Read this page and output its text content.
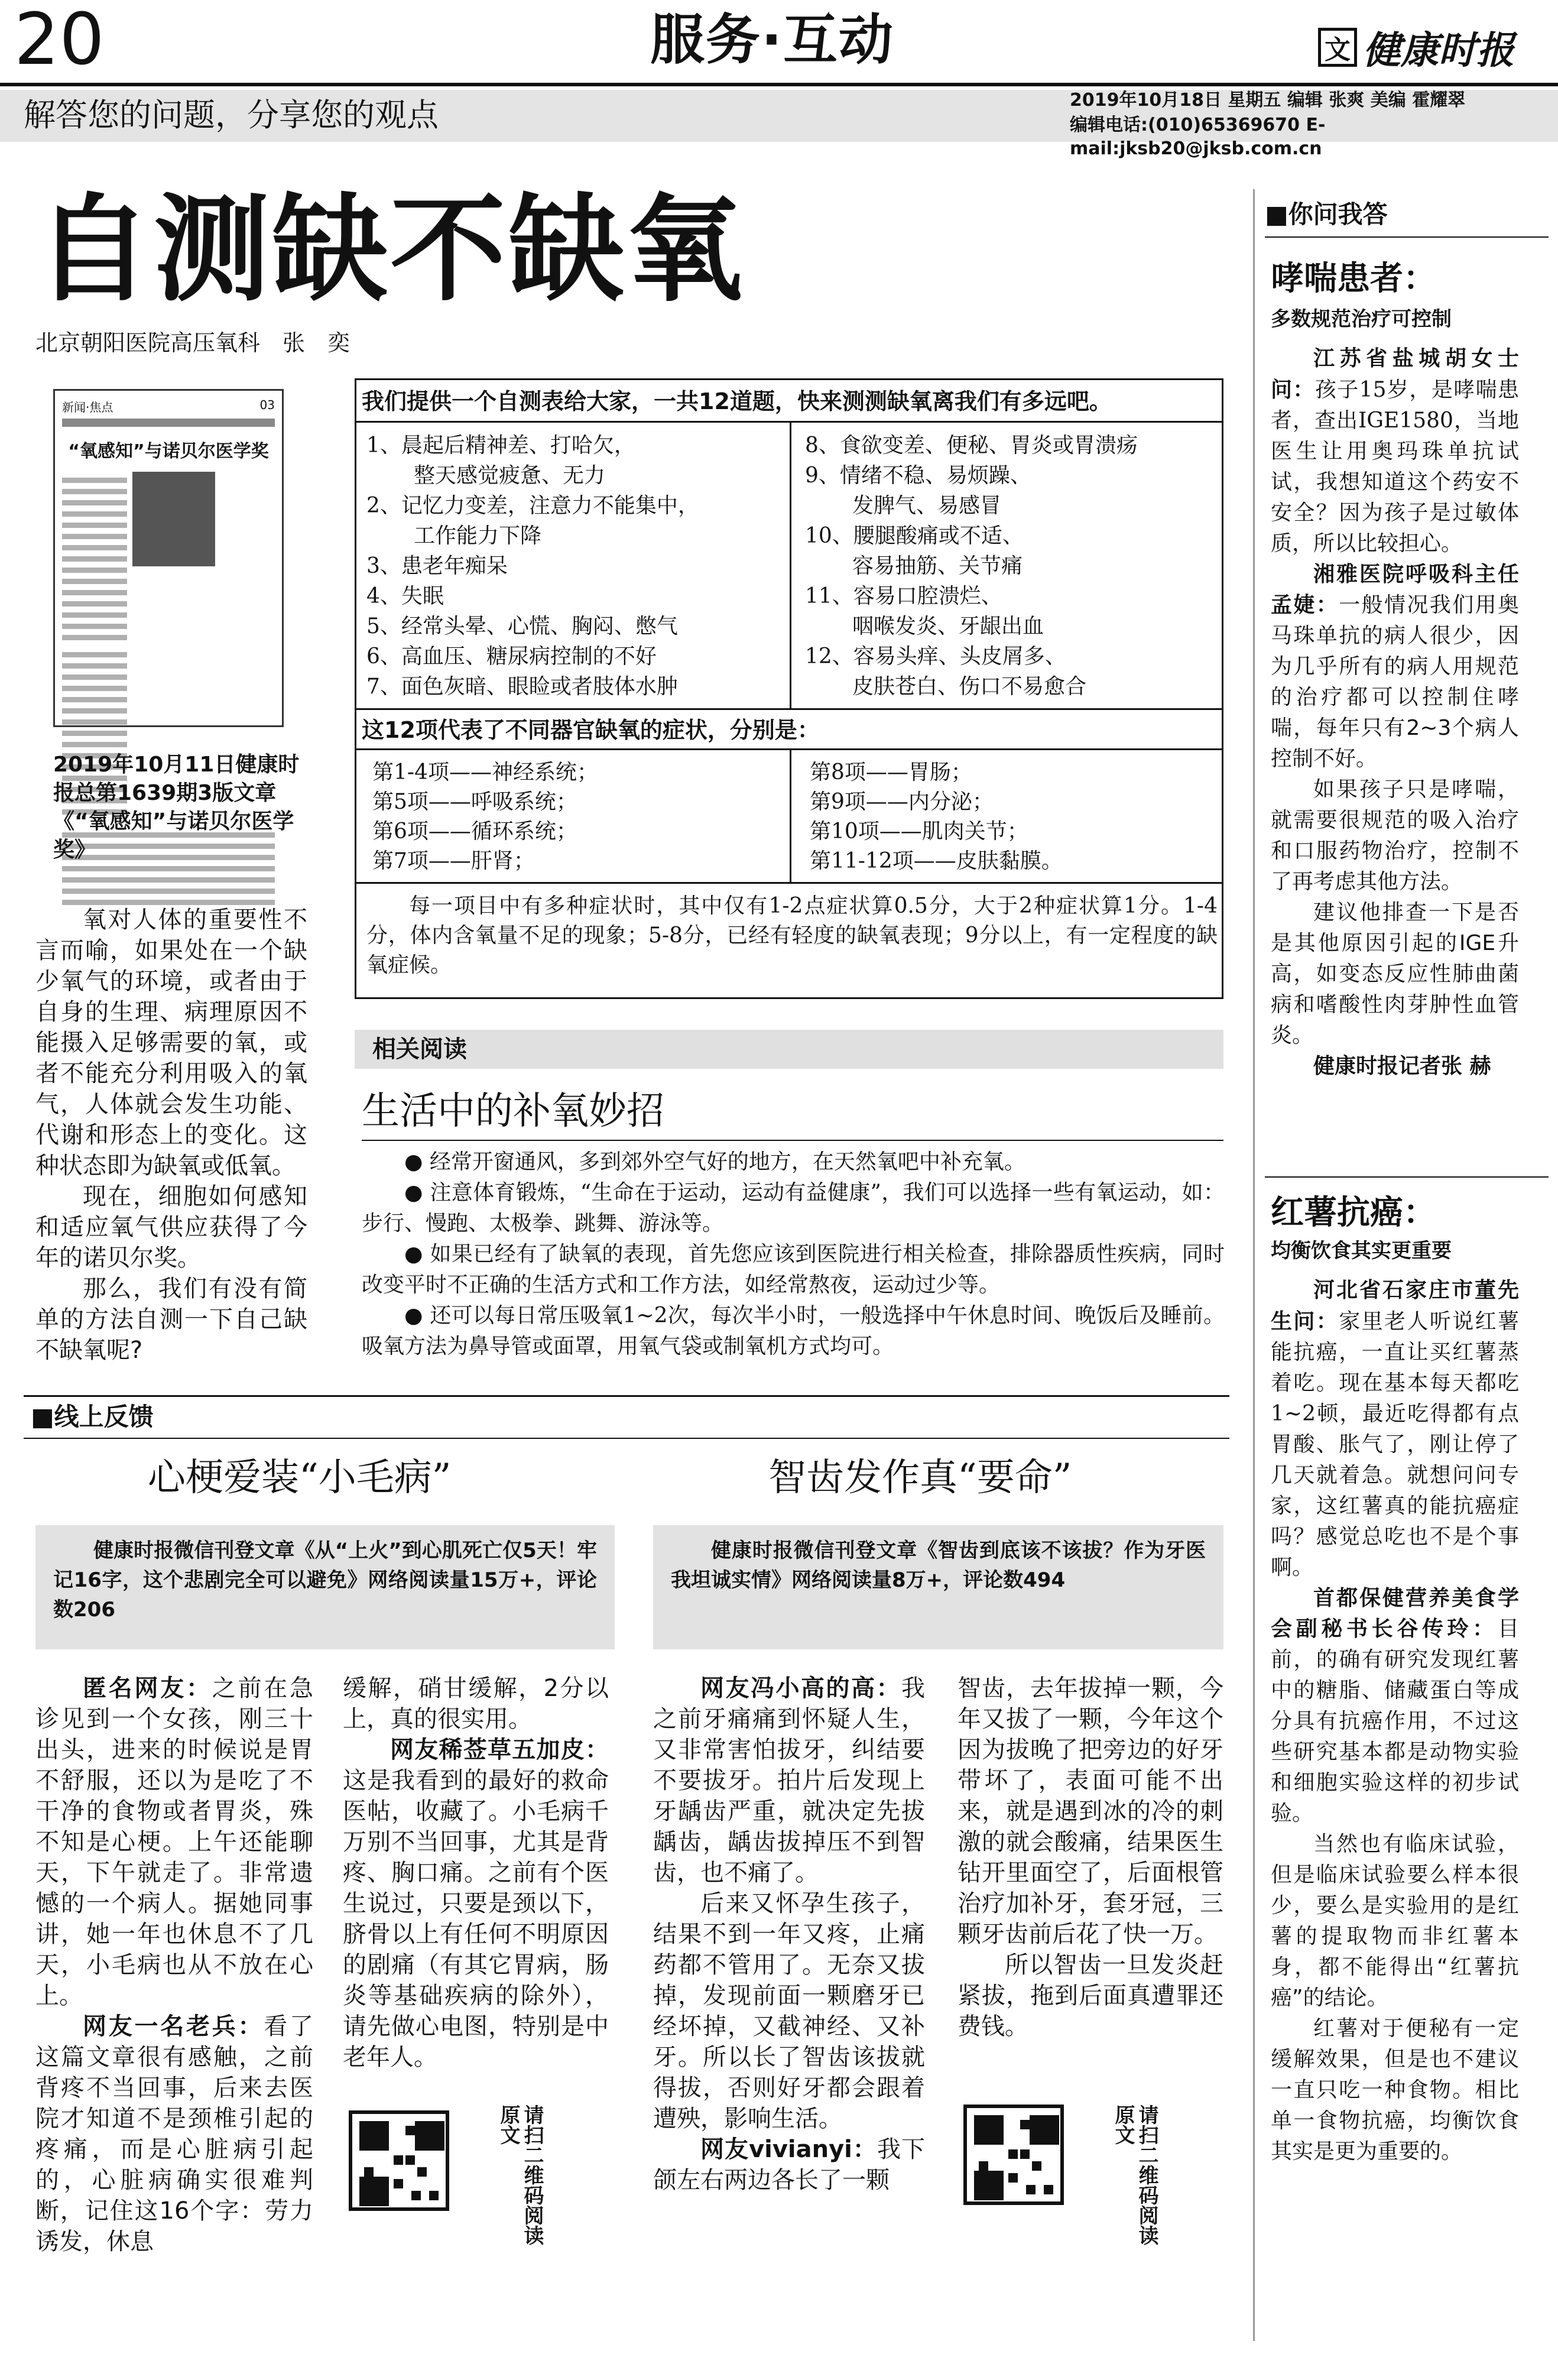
20	服务·互动	文 健康时报
解答您的问题，分享您的观点	2019年10月18日 星期五 编辑 张爽 美编 霍耀翠
编辑电话:(010)65369670 E-mail:jksb20@jksb.com.cn
自测缺不缺氧
北京朝阳医院高压氧科　张　奕
新闻·焦点	03
“氧感知”与诺贝尔医学奖

2019年10月11日健康时报总第1639期3版文章《“氧感知”与诺贝尔医学奖》

氧对人体的重要性不言而喻，如果处在一个缺少氧气的环境，或者由于自身的生理、病理原因不能摄入足够需要的氧，或者不能充分利用吸入的氧气，人体就会发生功能、代谢和形态上的变化。这种状态即为缺氧或低氧。

现在，细胞如何感知和适应氧气供应获得了今年的诺贝尔奖。

那么，我们有没有简单的方法自测一下自己缺不缺氧呢?

我们提供一个自测表给大家，一共12道题，快来测测缺氧离我们有多远吧。
1、晨起后精神差、打哈欠，
整天感觉疲惫、无力
2、记忆力变差，注意力不能集中，
工作能力下降
3、患老年痴呆
4、失眠
5、经常头晕、心慌、胸闷、憋气
6、高血压、糖尿病控制的不好
7、面色灰暗、眼睑或者肢体水肿
8、食欲变差、便秘、胃炎或胃溃疡
9、情绪不稳、易烦躁、
发脾气、易感冒
10、腰腿酸痛或不适、
容易抽筋、关节痛
11、容易口腔溃烂、
咽喉发炎、牙龈出血
12、容易头痒、头皮屑多、
皮肤苍白、伤口不易愈合
这12项代表了不同器官缺氧的症状，分别是：
第1-4项——神经系统；
第5项——呼吸系统；
第6项——循环系统；
第7项——肝肾；
第8项——胃肠；
第9项——内分泌；
第10项——肌肉关节；
第11-12项——皮肤黏膜。

每一项目中有多种症状时，其中仅有1-2点症状算0.5分，大于2种症状算1分。1-4分，体内含氧量不足的现象；5-8分，已经有轻度的缺氧表现；9分以上，有一定程度的缺氧症候。

相关阅读
生活中的补氧妙招

● 经常开窗通风，多到郊外空气好的地方，在天然氧吧中补充氧。

● 注意体育锻炼，“生命在于运动，运动有益健康”，我们可以选择一些有氧运动，如：步行、慢跑、太极拳、跳舞、游泳等。

● 如果已经有了缺氧的表现，首先您应该到医院进行相关检查，排除器质性疾病，同时改变平时不正确的生活方式和工作方法，如经常熬夜，运动过少等。

● 还可以每日常压吸氧1~2次，每次半小时，一般选择中午休息时间、晚饭后及睡前。吸氧方法为鼻导管或面罩，用氧气袋或制氧机方式均可。

■线上反馈
心梗爱装“小毛病”	智齿发作真“要命”

健康时报微信刊登文章《从“上火”到心肌死亡仅5天！牢记16字，这个悲剧完全可以避免》网络阅读量15万+，评论数206

健康时报微信刊登文章《智齿到底该不该拔？作为牙医我坦诚实情》网络阅读量8万+，评论数494

匿名网友：之前在急诊见到一个女孩，刚三十出头，进来的时候说是胃不舒服，还以为是吃了不干净的食物或者胃炎，殊不知是心梗。上午还能聊天，下午就走了。非常遗憾的一个病人。据她同事讲，她一年也休息不了几天，小毛病也从不放在心上。

网友一名老兵：看了这篇文章很有感触，之前背疼不当回事，后来去医院才知道不是颈椎引起的疼痛，而是心脏病引起的，心脏病确实很难判断，记住这16个字：劳力诱发，休息

缓解，硝甘缓解，2分以上，真的很实用。

网友稀莶草五加皮：这是我看到的最好的救命医帖，收藏了。小毛病千万别不当回事，尤其是背疼、胸口痛。之前有个医生说过，只要是颈以下，脐骨以上有任何不明原因的剧痛（有其它胃病，肠炎等基础疾病的除外），请先做心电图，特别是中老年人。

请扫二维码阅读原文

网友冯小高的高：我之前牙痛痛到怀疑人生，又非常害怕拔牙，纠结要不要拔牙。拍片后发现上牙龋齿严重，就决定先拔龋齿，龋齿拔掉压不到智齿，也不痛了。

后来又怀孕生孩子，结果不到一年又疼，止痛药都不管用了。无奈又拔掉，发现前面一颗磨牙已经坏掉，又截神经、又补牙。所以长了智齿该拔就得拔，否则好牙都会跟着遭殃，影响生活。

网友vivianyi：我下颌左右两边各长了一颗

智齿，去年拔掉一颗，今年又拔了一颗，今年这个因为拔晚了把旁边的好牙带坏了，表面可能不出来，就是遇到冰的冷的刺激的就会酸痛，结果医生钻开里面空了，后面根管治疗加补牙，套牙冠，三颗牙齿前后花了快一万。

所以智齿一旦发炎赶紧拔，拖到后面真遭罪还费钱。

请扫二维码阅读原文
■你问我答
哮喘患者：
多数规范治疗可控制

江苏省盐城胡女士问：孩子15岁，是哮喘患者，查出IGE1580，当地医生让用奥玛珠单抗试试，我想知道这个药安不安全？因为孩子是过敏体质，所以比较担心。

湘雅医院呼吸科主任孟婕：一般情况我们用奥马珠单抗的病人很少，因为几乎所有的病人用规范的治疗都可以控制住哮喘，每年只有2~3个病人控制不好。

如果孩子只是哮喘，就需要很规范的吸入治疗和口服药物治疗，控制不了再考虑其他方法。

建议他排查一下是否是其他原因引起的IGE升高，如变态反应性肺曲菌病和嗜酸性肉芽肿性血管炎。

健康时报记者张 赫

红薯抗癌：
均衡饮食其实更重要

河北省石家庄市董先生问：家里老人听说红薯能抗癌，一直让买红薯蒸着吃。现在基本每天都吃1~2顿，最近吃得都有点胃酸、胀气了，刚让停了几天就着急。就想问问专家，这红薯真的能抗癌症吗？感觉总吃也不是个事啊。

首都保健营养美食学会副秘书长谷传玲：目前，的确有研究发现红薯中的糖脂、储藏蛋白等成分具有抗癌作用，不过这些研究基本都是动物实验和细胞实验这样的初步试验。

当然也有临床试验，但是临床试验要么样本很少，要么是实验用的是红薯的提取物而非红薯本身，都不能得出“红薯抗癌”的结论。

红薯对于便秘有一定缓解效果，但是也不建议一直只吃一种食物。相比单一食物抗癌，均衡饮食其实是更为重要的。
